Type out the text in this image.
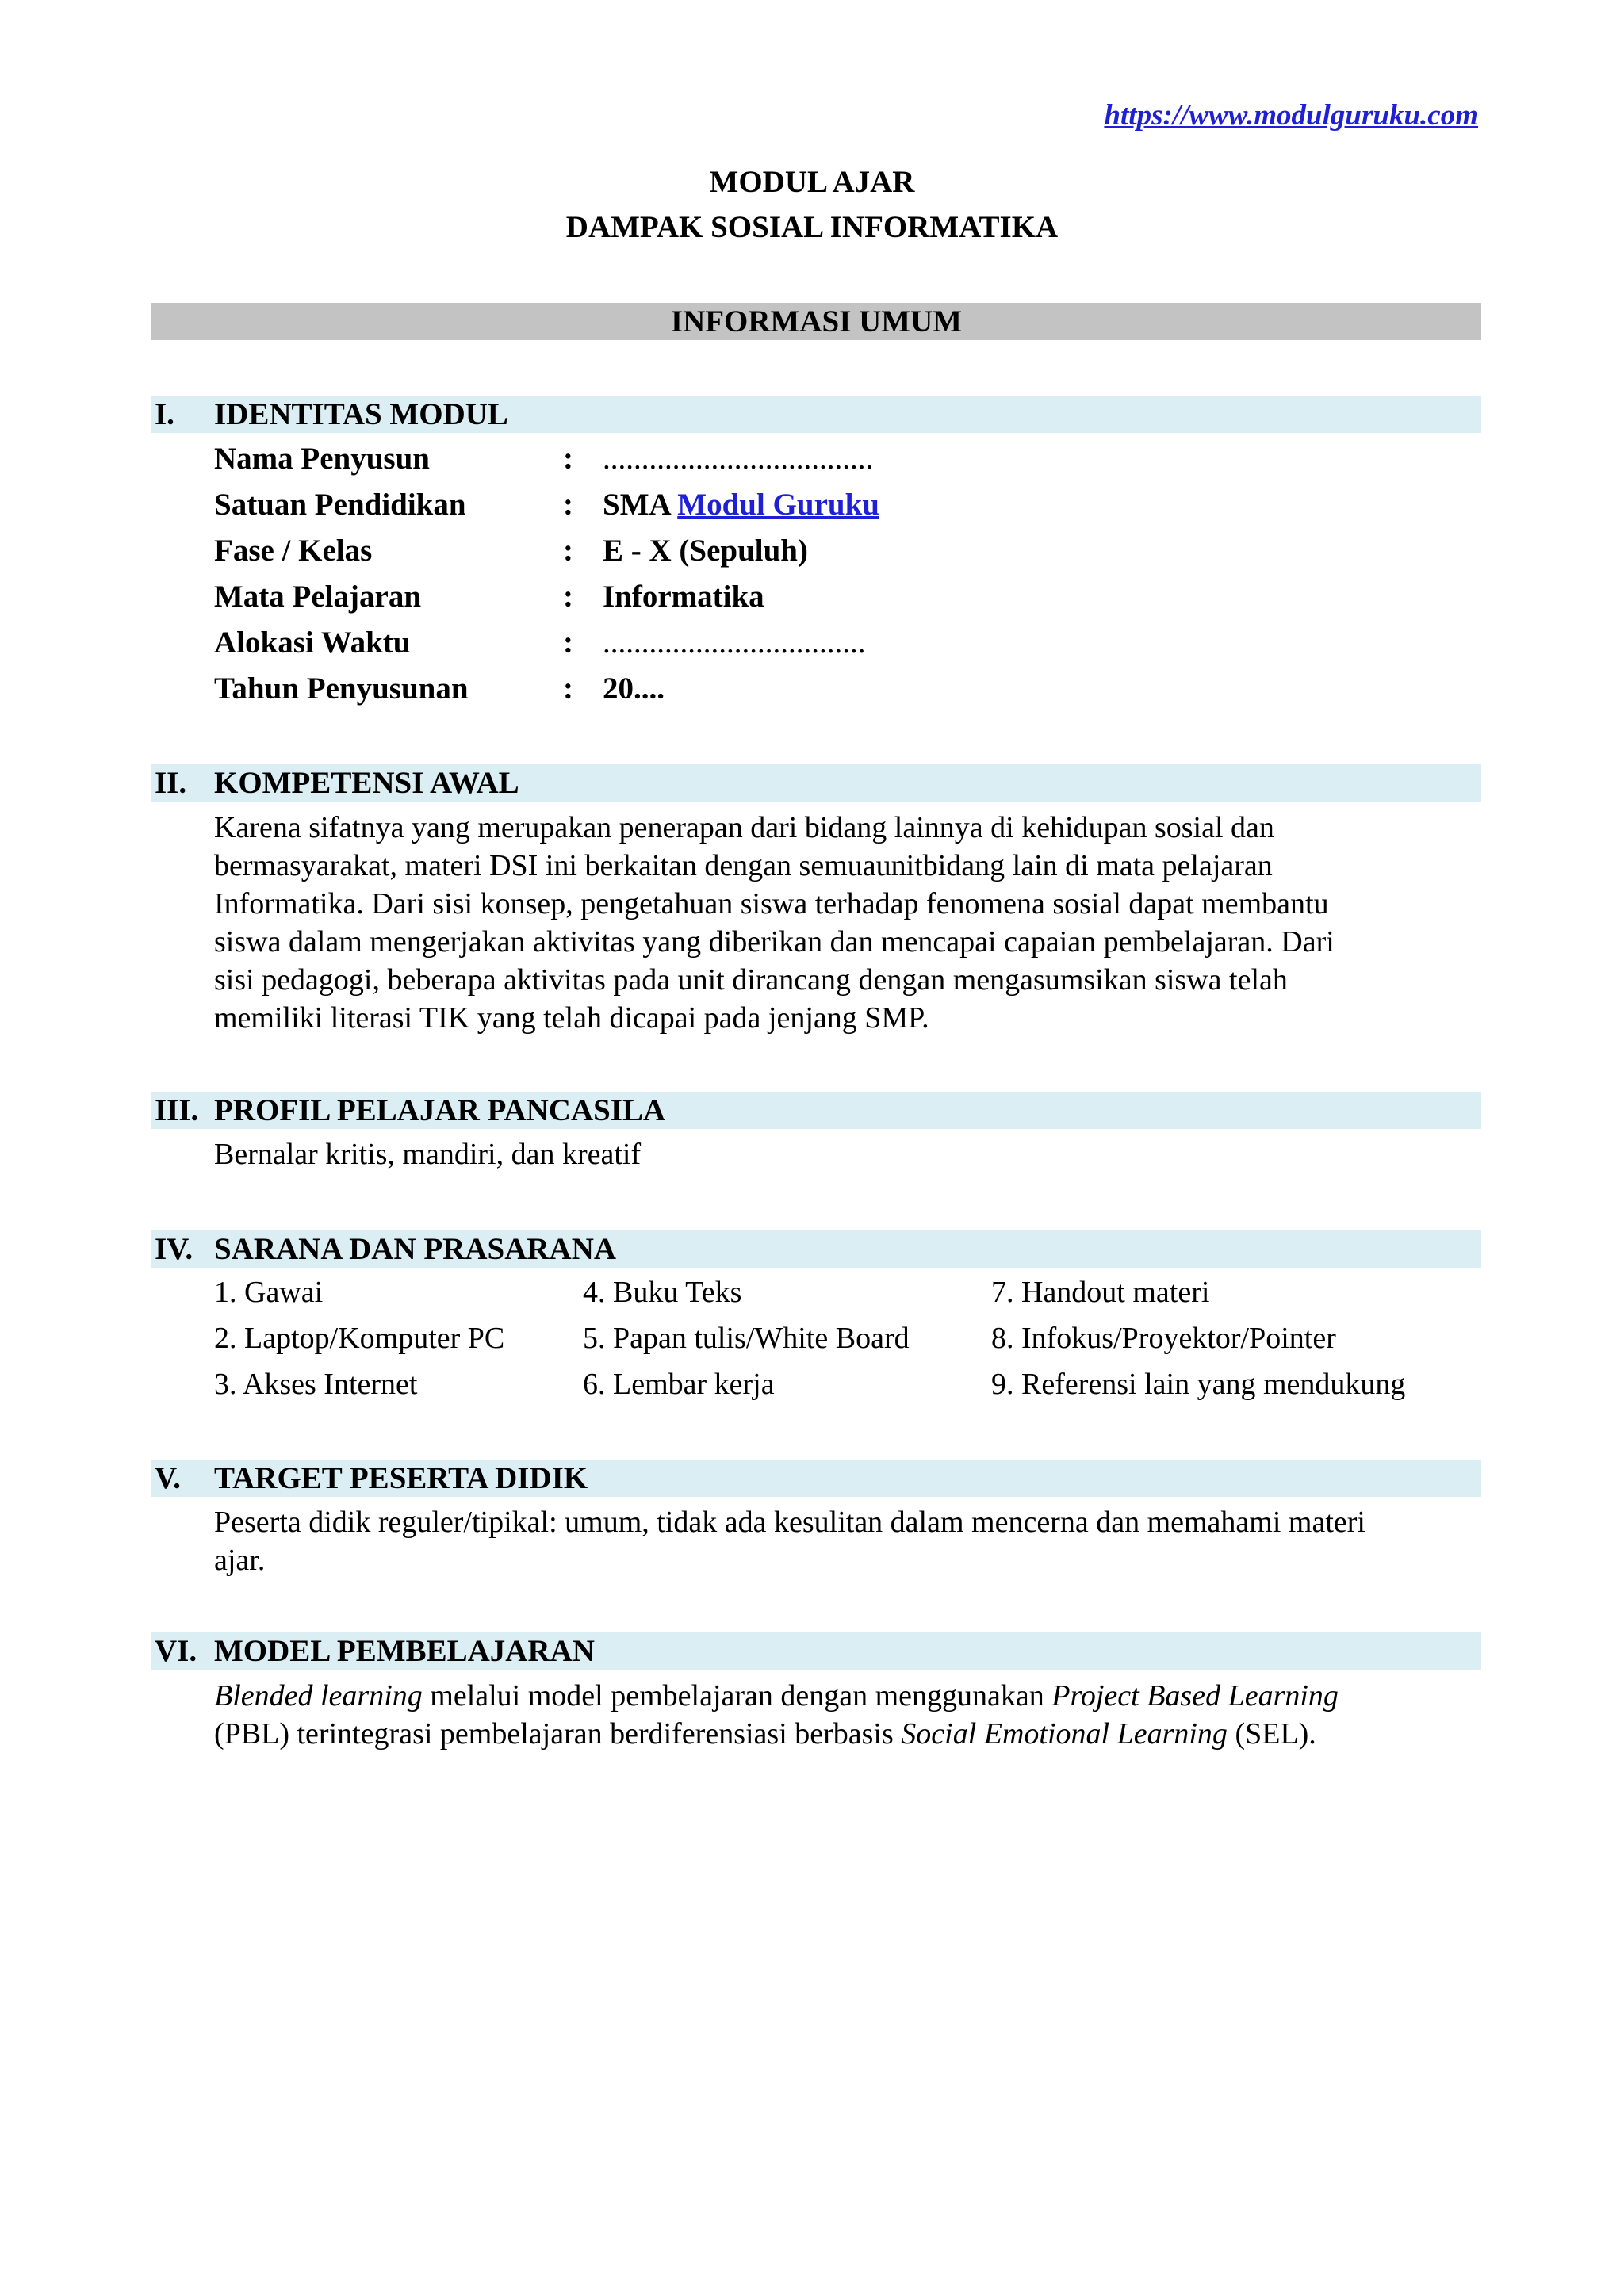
https://www.modulguruku.com
MODUL AJAR
DAMPAK SOSIAL INFORMATIKA
INFORMASI UMUM
I. IDENTITAS MODUL
Nama Penyusun	: ...................................
Satuan Pendidikan	: SMA Modul Guruku
Fase / Kelas	: E - X (Sepuluh)
Mata Pelajaran	: Informatika
Alokasi Waktu	: ..................................
Tahun Penyusunan	: 20....
II. KOMPETENSI AWAL
Karena sifatnya yang merupakan penerapan dari bidang lainnya di kehidupan sosial dan
bermasyarakat, materi DSI ini berkaitan dengan semuaunitbidang lain di mata pelajaran
Informatika. Dari sisi konsep, pengetahuan siswa terhadap fenomena sosial dapat membantu
siswa dalam mengerjakan aktivitas yang diberikan dan mencapai capaian pembelajaran. Dari
sisi pedagogi, beberapa aktivitas pada unit dirancang dengan mengasumsikan siswa telah
memiliki literasi TIK yang telah dicapai pada jenjang SMP.
III. PROFIL PELAJAR PANCASILA
Bernalar kritis, mandiri, dan kreatif
IV. SARANA DAN PRASARANA
1. Gawai
2. Laptop/Komputer PC
3. Akses Internet
4. Buku Teks
5. Papan tulis/White Board
6. Lembar kerja
7. Handout materi
8. Infokus/Proyektor/Pointer
9. Referensi lain yang mendukung
V. TARGET PESERTA DIDIK
Peserta didik reguler/tipikal: umum, tidak ada kesulitan dalam mencerna dan memahami materi
ajar.
VI. MODEL PEMBELAJARAN
Blended learning melalui model pembelajaran dengan menggunakan Project Based Learning
(PBL) terintegrasi pembelajaran berdiferensiasi berbasis Social Emotional Learning (SEL).
